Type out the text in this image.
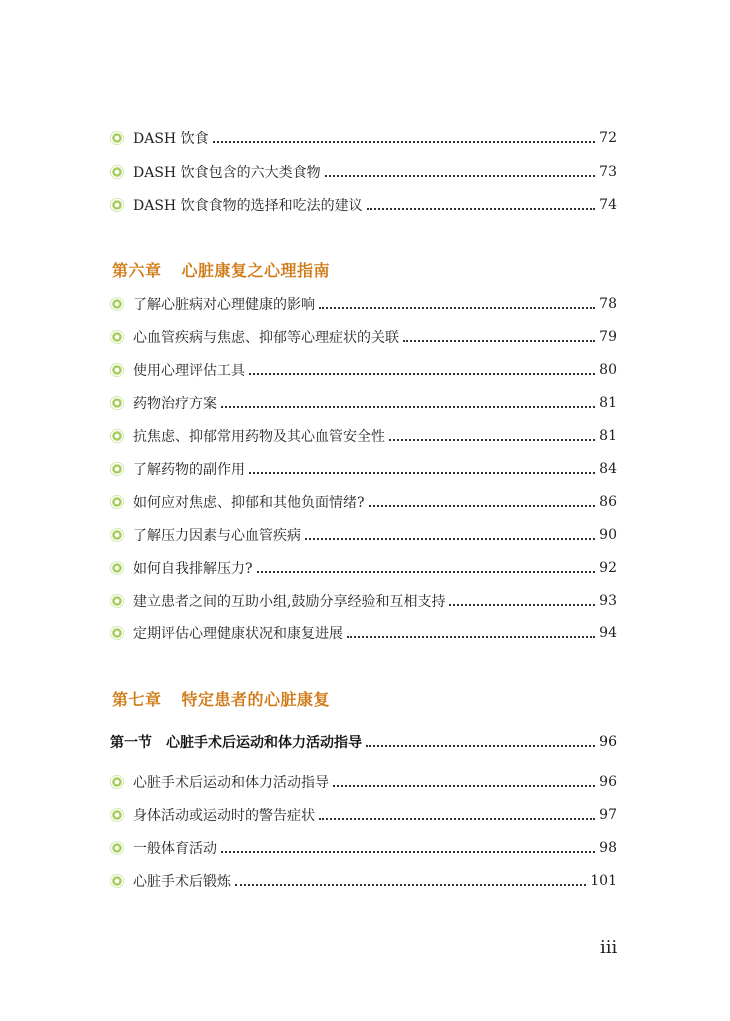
DASH 饮食	72
DASH 饮食包含的六大类食物	73
DASH 饮食食物的选择和吃法的建议	74
第六章 心脏康复之心理指南
了解心脏病对心理健康的影响	78
心血管疾病与焦虑、抑郁等心理症状的关联	79
使用心理评估工具	80
药物治疗方案	81
抗焦虑、抑郁常用药物及其心血管安全性	81
了解药物的副作用	84
如何应对焦虑、抑郁和其他负面情绪?	86
了解压力因素与心血管疾病	90
如何自我排解压力?	92
建立患者之间的互助小组,鼓励分享经验和互相支持	93
定期评估心理健康状况和康复进展	94
第七章 特定患者的心脏康复
第一节 心脏手术后运动和体力活动指导	96
心脏手术后运动和体力活动指导	96
身体活动或运动时的警告症状	97
一般体育活动	98
心脏手术后锻炼	101
iii
